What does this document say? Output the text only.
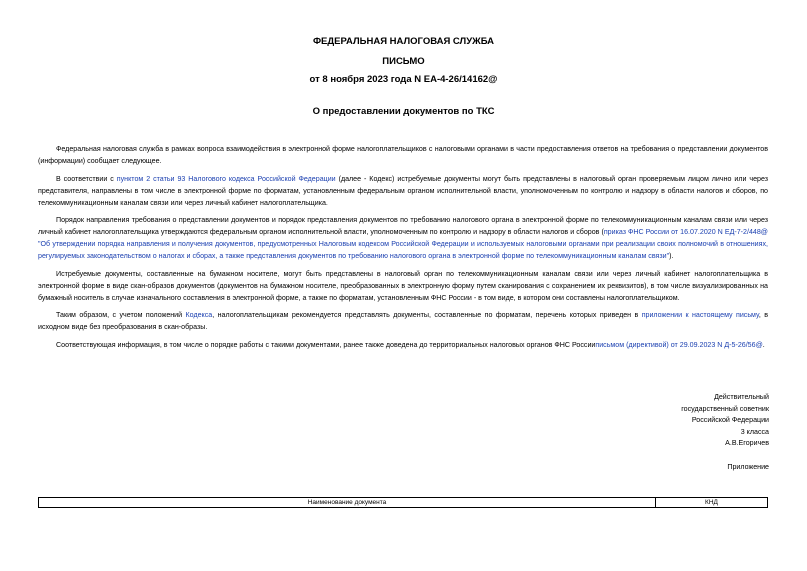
ФЕДЕРАЛЬНАЯ НАЛОГОВАЯ СЛУЖБА
ПИСЬМО
от 8 ноября 2023 года N ЕА-4-26/14162@
О предоставлении документов по ТКС
Федеральная налоговая служба в рамках вопроса взаимодействия в электронной форме налогоплательщиков с налоговыми органами в части предоставления ответов на требования о представлении документов (информации) сообщает следующее.
В соответствии с пунктом 2 статьи 93 Налогового кодекса Российской Федерации (далее - Кодекс) истребуемые документы могут быть представлены в налоговый орган проверяемым лицом лично или через представителя, направлены в том числе в электронной форме по форматам, установленным федеральным органом исполнительной власти, уполномоченным по контролю и надзору в области налогов и сборов, по телекоммуникационным каналам связи или через личный кабинет налогоплательщика.
Порядок направления требования о представлении документов и порядок представления документов по требованию налогового органа в электронной форме по телекоммуникационным каналам связи или через личный кабинет налогоплательщика утверждаются федеральным органом исполнительной власти, уполномоченным по контролю и надзору в области налогов и сборов (приказ ФНС России от 16.07.2020 N ЕД-7-2/448@ "Об утверждении порядка направления и получения документов, предусмотренных Налоговым кодексом Российской Федерации и используемых налоговыми органами при реализации своих полномочий в отношениях, регулируемых законодательством о налогах и сборах, а также представления документов по требованию налогового органа в электронной форме по телекоммуникационным каналам связи").
Истребуемые документы, составленные на бумажном носителе, могут быть представлены в налоговый орган по телекоммуникационным каналам связи или через личный кабинет налогоплательщика в электронной форме в виде скан-образов документов (документов на бумажном носителе, преобразованных в электронную форму путем сканирования с сохранением их реквизитов), в том числе визуализированных на бумажный носитель в случае изначального составления в электронной форме, а также по форматам, установленным ФНС России - в том виде, в котором они составлены налогоплательщиком.
Таким образом, с учетом положений Кодекса, налогоплательщикам рекомендуется представлять документы, составленные по форматам, перечень которых приведен в приложении к настоящему письму, в исходном виде без преобразования в скан-образы.
Соответствующая информация, в том числе о порядке работы с такими документами, ранее также доведена до территориальных налоговых органов ФНС Россииписьмом (директивой) от 29.09.2023 N Д-5-26/56@.
Действительный
государственный советник
Российской Федерации
3 класса
А.В.Егоричев
Приложение
Наименование документа	КНД
